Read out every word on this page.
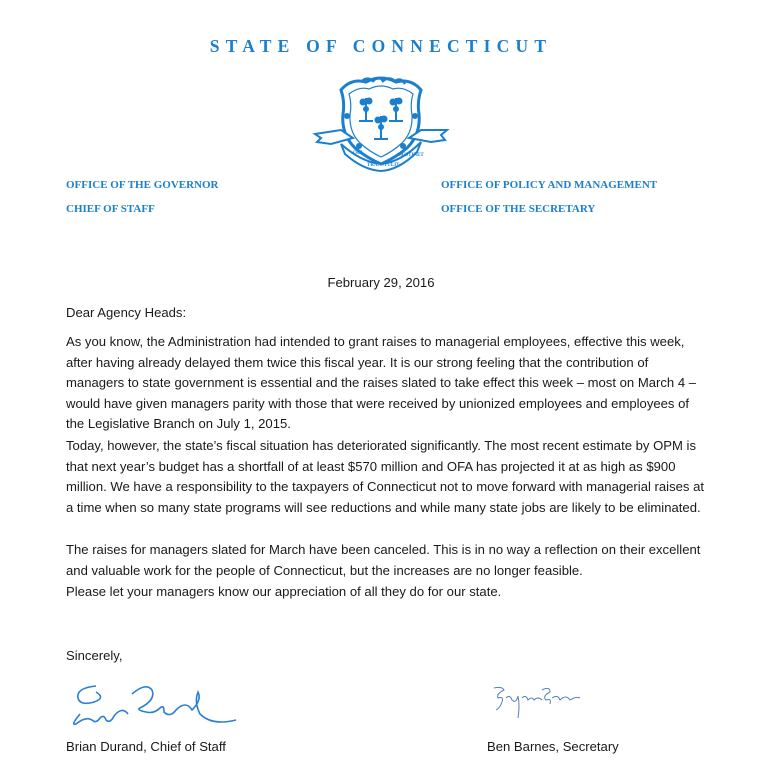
STATE OF CONNECTICUT
QUI
TRANSTULIT
SUSTINET
OFFICE OF THE GOVERNOR
CHIEF OF STAFF
OFFICE OF POLICY AND MANAGEMENT
OFFICE OF THE SECRETARY
February 29, 2016
Dear Agency Heads:

As you know, the Administration had intended to grant raises to managerial employees, effective this week, after having already delayed them twice this fiscal year. It is our strong feeling that the contribution of managers to state government is essential and the raises slated to take effect this week – most on March 4 – would have given managers parity with those that were received by unionized employees and employees of the Legislative Branch on July 1, 2015.

Today, however, the state’s fiscal situation has deteriorated significantly. The most recent estimate by OPM is that next year’s budget has a shortfall of at least $570 million and OFA has projected it at as high as $900 million. We have a responsibility to the taxpayers of Connecticut not to move forward with managerial raises at a time when so many state programs will see reductions and while many state jobs are likely to be eliminated.

The raises for managers slated for March have been canceled. This is in no way a reflection on their excellent and valuable work for the people of Connecticut, but the increases are no longer feasible.

Please let your managers know our appreciation of all they do for our state.

Sincerely,
Brian Durand, Chief of Staff	Ben Barnes, Secretary
